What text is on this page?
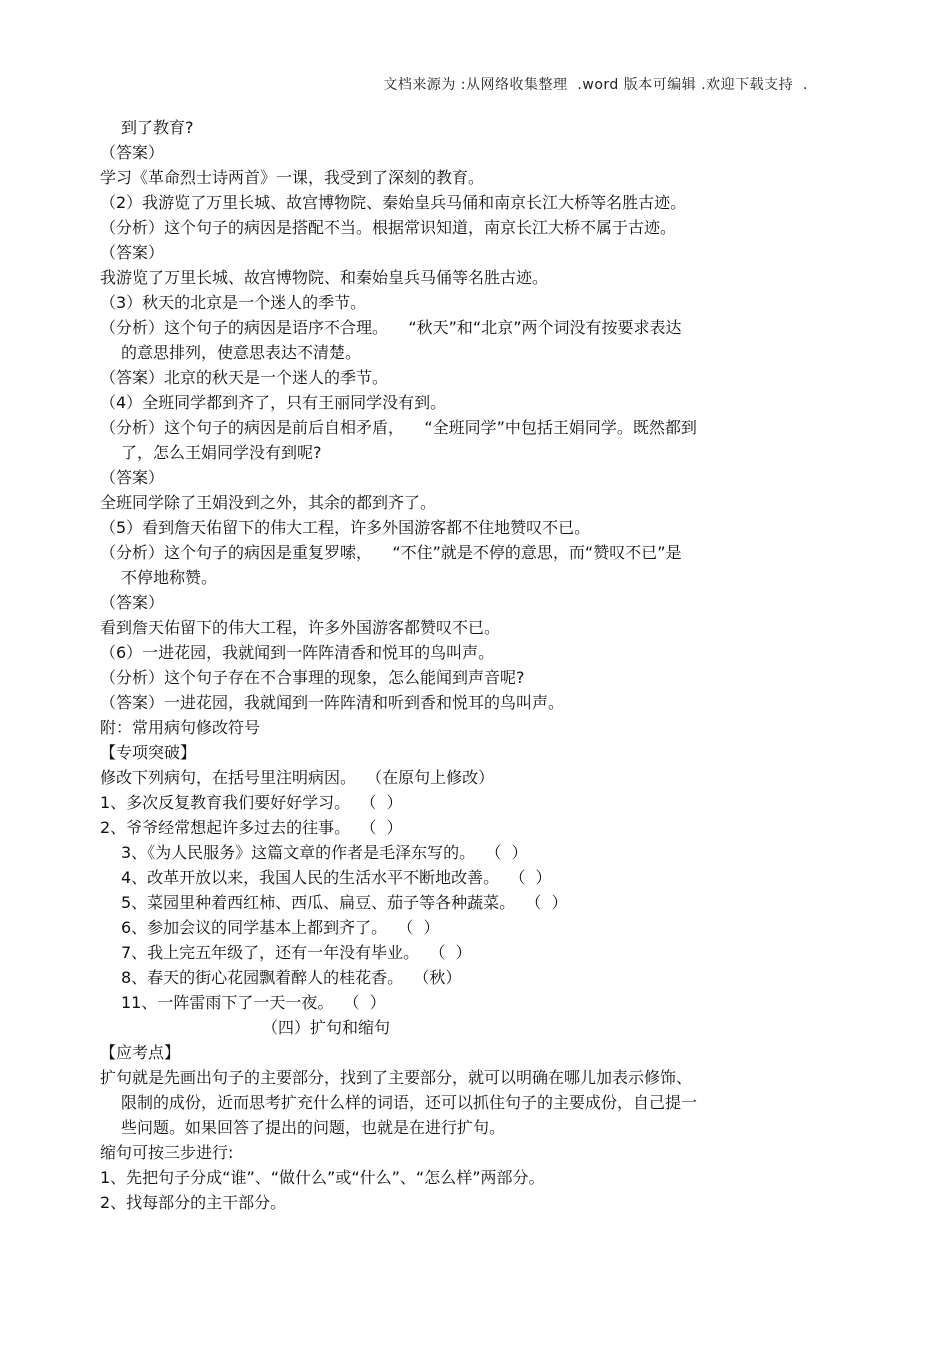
文档来源为 :从网络收集整理  .word 版本可编辑 .欢迎下载支持  .
到了教育?
（答案）
学习《革命烈士诗两首》一课，我受到了深刻的教育。
（2）我游览了万里长城、故宫博物院、秦始皇兵马俑和南京长江大桥等名胜古迹。
（分析）这个句子的病因是搭配不当。根据常识知道，南京长江大桥不属于古迹。
（答案）
我游览了万里长城、故宫博物院、和秦始皇兵马俑等名胜古迹。
（3）秋天的北京是一个迷人的季节。
（分析）这个句子的病因是语序不合理。    “秋天”和“北京”两个词没有按要求表达
的意思排列，使意思表达不清楚。
（答案）北京的秋天是一个迷人的季节。
（4）全班同学都到齐了，只有王丽同学没有到。
（分析）这个句子的病因是前后自相矛盾，    “全班同学”中包括王娟同学。既然都到
了，怎么王娟同学没有到呢?
（答案）
全班同学除了王娟没到之外，其余的都到齐了。
（5）看到詹天佑留下的伟大工程，许多外国游客都不住地赞叹不已。
（分析）这个句子的病因是重复罗嗦，    “不住”就是不停的意思，而“赞叹不已”是
不停地称赞。
（答案）
看到詹天佑留下的伟大工程，许多外国游客都赞叹不已。
（6）一进花园，我就闻到一阵阵清香和悦耳的鸟叫声。
（分析）这个句子存在不合事理的现象，怎么能闻到声音呢?
（答案）一进花园，我就闻到一阵阵清和听到香和悦耳的鸟叫声。
附：常用病句修改符号
【专项突破】
修改下列病句，在括号里注明病因。  （在原句上修改）
1、多次反复教育我们要好好学习。  （  ）
2、爷爷经常想起许多过去的往事。  （  ）
3、《为人民服务》这篇文章的作者是毛泽东写的。  （  ）
4、改革开放以来，我国人民的生活水平不断地改善。  （  ）
5、菜园里种着西红柿、西瓜、扁豆、茄子等各种蔬菜。  （  ）
6、参加会议的同学基本上都到齐了。  （  ）
7、我上完五年级了，还有一年没有毕业。  （  ）
8、春天的街心花园飘着醉人的桂花香。  （秋）
11、一阵雷雨下了一天一夜。  （  ）
（四）扩句和缩句
【应考点】
扩句就是先画出句子的主要部分，找到了主要部分，就可以明确在哪儿加表示修饰、
限制的成份，近而思考扩充什么样的词语，还可以抓住句子的主要成份，自己提一
些问题。如果回答了提出的问题，也就是在进行扩句。
缩句可按三步进行:
1、先把句子分成“谁”、“做什么”或“什么”、“怎么样”两部分。
2、找每部分的主干部分。
